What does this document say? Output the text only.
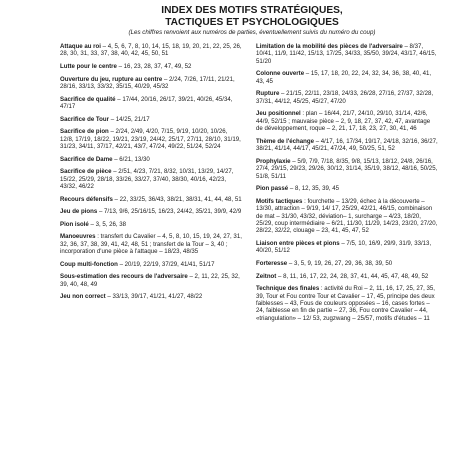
INDEX DES MOTIFS STRATÉGIQUES,
TACTIQUES ET PSYCHOLOGIQUES
(Les chiffres renvoient aux numéros de parties, éventuellement suivis du numéro du coup)
Attaque au roi – 4, 5, 6, 7, 8, 10, 14, 15, 18, 19, 20, 21, 22, 25, 26, 28, 30, 31, 33, 37, 38, 40, 42, 45, 50, 51
Lutte pour le centre – 16, 23, 28, 37, 47, 49, 52
Ouverture du jeu, rupture au centre – 2/24, 7/26, 17/11, 21/21, 28/16, 33/13, 33/32, 35/15, 40/29, 45/32
Sacrifice de qualité – 17/44, 20/16, 26/17, 39/21, 40/26, 45/34, 47/17
Sacrifice de Tour – 14/25, 21/17
Sacrifice de pion – 2/24, 2/49, 4/20, 7/15, 9/19, 10/20, 10/26, 12/8, 17/19, 18/22, 19/21, 23/19, 24/42, 25/17, 27/11, 28/10, 31/19, 31/23, 34/11, 37/17, 42/21, 43/7, 47/24, 49/22, 51/24, 52/24
Sacrifice de Dame – 6/21, 13/30
Sacrifice de pièce – 2/51, 4/23, 7/21, 8/32, 10/31, 13/29, 14/27, 15/22, 25/29, 28/18, 33/26, 33/27, 37/40, 38/30, 40/16, 42/23, 43/32, 46/22
Recours défensifs – 22, 33/25, 36/43, 38/21, 38/31, 41, 44, 48, 51
Jeu de pions – 7/13, 9/6, 25/16/15, 16/23, 24/42, 35/21, 39/9, 42/9
Pion isolé – 3, 5, 26, 38
Manoeuvres : transfert du Cavalier – 4, 5, 8, 10, 15, 19, 24, 27, 31, 32, 36, 37, 38, 39, 41, 42, 48, 51 ; transfert de la Tour – 3, 40 ; incorporation d'une pièce à l'attaque – 18/23, 48/35
Coup multi-fonction – 20/19, 22/19, 37/29, 41/41, 51/17
Sous-estimation des recours de l'adversaire – 2, 11, 22, 25, 32, 39, 40, 48, 49
Jeu non correct – 33/13, 39/17, 41/21, 41/27, 48/22
Limitation de la mobilité des pièces de l'adversaire – 8/37, 10/41, 11/9, 11/42, 15/13, 17/25, 34/33, 35/50, 39/24, 43/17, 46/15, 51/20
Colonne ouverte – 15, 17, 18, 20, 22, 24, 32, 34, 36, 38, 40, 41, 43, 45
Rupture – 21/15, 22/11, 23/18, 24/33, 26/28, 27/16, 27/37, 32/28, 37/31, 44/12, 45/25, 45/27, 47/20
Jeu positionnel : plan – 16/44, 21/7, 24/10, 29/10, 31/14, 42/6, 44/9, 52/15 ; mauvaise pièce – 2, 9, 18, 27, 37, 42, 47, avantage de développement, roque – 2, 21, 17, 18, 23, 27, 30, 41, 46
Thème de l'échange – 4/17, 16, 17/34, 19/17, 24/18, 32/16, 36/27, 38/21, 41/14, 44/17, 45/21, 47/24, 49, 50/25, 51, 52
Prophylaxie – 5/9, 7/9, 7/18, 8/35, 9/8, 15/13, 18/12, 24/8, 26/16, 27/4, 29/15, 29/23, 29/26, 30/12, 31/14, 35/19, 38/12, 48/16, 50/25, 51/8, 51/11
Pion passé – 8, 12, 35, 39, 45
Motifs tactiques : fourchette – 13/29, échec à la découverte – 13/30, attraction – 9/19, 14/ 17, 25/29, 42/21, 46/15, combinaison de mat – 31/30, 43/32, déviation– 1, surcharge – 4/23, 18/20, 25/29, coup intermédiaire – 6/21, 11/30, 11/29, 14/23, 23/20, 27/20, 28/22, 32/22, clouage – 23, 41, 45, 47, 52
Liaison entre pièces et pions – 7/5, 10, 16/9, 29/9, 31/9, 33/13, 40/20, 51/12
Forteresse – 3, 5, 9, 19, 26, 27, 29, 36, 38, 39, 50
Zeitnot – 8, 11, 16, 17, 22, 24, 28, 37, 41, 44, 45, 47, 48, 49, 52
Technique des finales : activité du Roi – 2, 11, 16, 17, 25, 27, 35, 39, Tour et Fou contre Tour et Cavalier – 17, 45, principe des deux faiblesses – 43, Fous de couleurs opposées – 16, cases fortes – 24, faiblesse en fin de partie – 27, 36, Fou contre Cavalier – 44, «triangulation» – 12/ 53, zugzwang – 25/57, motifs d'études – 11
